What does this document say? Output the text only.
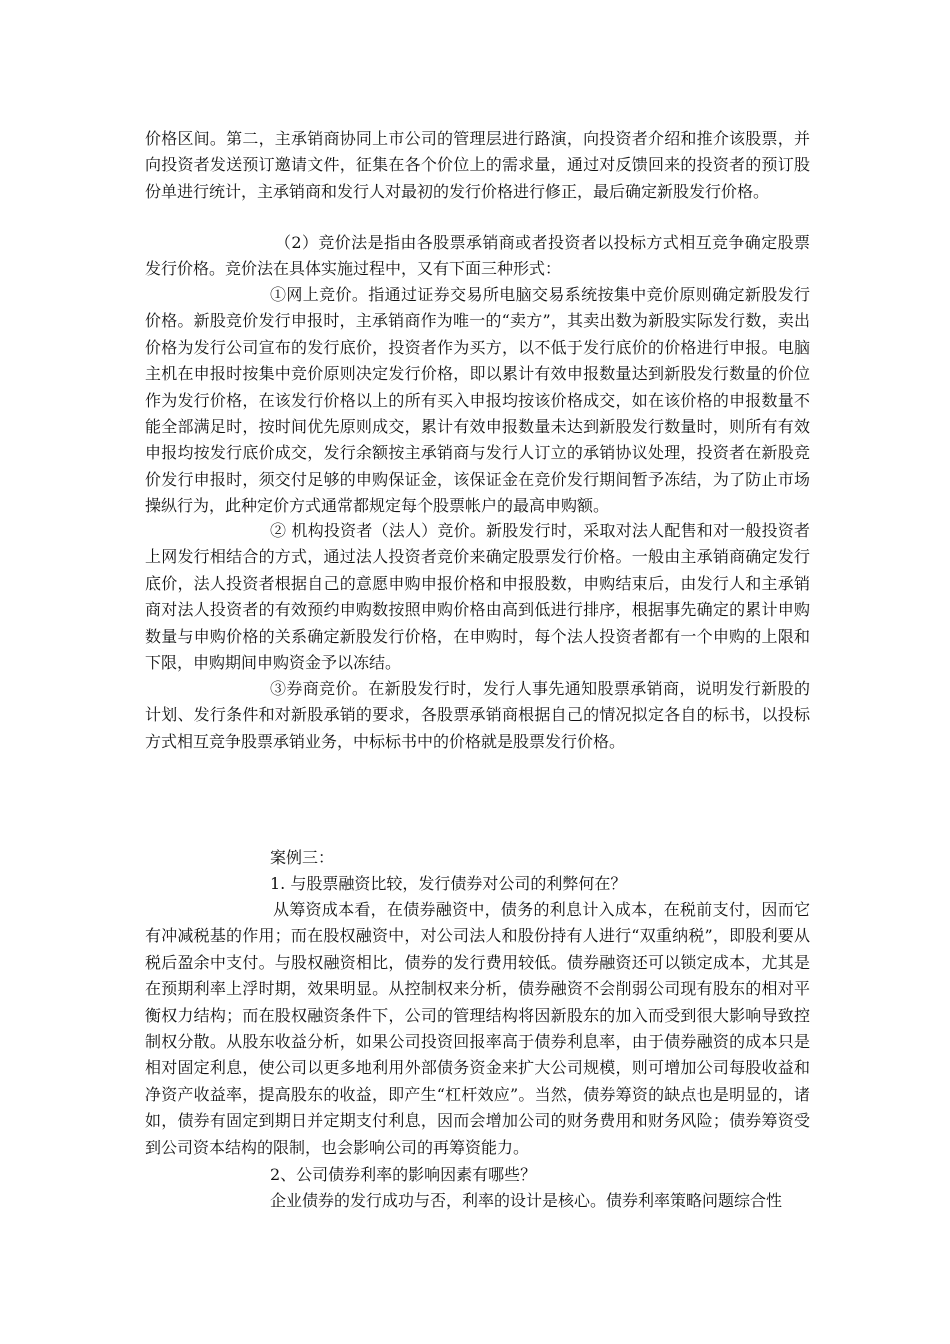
价格区间。第二，主承销商协同上市公司的管理层进行路演，向投资者介绍和推介该股票，并向投资者发送预订邀请文件，征集在各个价位上的需求量，通过对反馈回来的投资者的预订股份单进行统计，主承销商和发行人对最初的发行价格进行修正，最后确定新股发行价格。

（2）竞价法是指由各股票承销商或者投资者以投标方式相互竞争确定股票发行价格。竞价法在具体实施过程中，又有下面三种形式：

①网上竞价。指通过证券交易所电脑交易系统按集中竞价原则确定新股发行价格。新股竞价发行申报时，主承销商作为唯一的“卖方”，其卖出数为新股实际发行数，卖出价格为发行公司宣布的发行底价，投资者作为买方，以不低于发行底价的价格进行申报。电脑主机在申报时按集中竞价原则决定发行价格，即以累计有效申报数量达到新股发行数量的价位作为发行价格，在该发行价格以上的所有买入申报均按该价格成交，如在该价格的申报数量不能全部满足时，按时间优先原则成交，累计有效申报数量未达到新股发行数量时，则所有有效申报均按发行底价成交，发行余额按主承销商与发行人订立的承销协议处理，投资者在新股竞价发行申报时，须交付足够的申购保证金，该保证金在竞价发行期间暂予冻结，为了防止市场操纵行为，此种定价方式通常都规定每个股票帐户的最高申购额。

② 机构投资者（法人）竞价。新股发行时，采取对法人配售和对一般投资者上网发行相结合的方式，通过法人投资者竞价来确定股票发行价格。一般由主承销商确定发行底价，法人投资者根据自己的意愿申购申报价格和申报股数，申购结束后，由发行人和主承销商对法人投资者的有效预约申购数按照申购价格由高到低进行排序，根据事先确定的累计申购数量与申购价格的关系确定新股发行价格，在申购时，每个法人投资者都有一个申购的上限和下限，申购期间申购资金予以冻结。

③券商竞价。在新股发行时，发行人事先通知股票承销商，说明发行新股的计划、发行条件和对新股承销的要求，各股票承销商根据自己的情况拟定各自的标书，以投标方式相互竞争股票承销业务，中标标书中的价格就是股票发行价格。

案例三：

1. 与股票融资比较，发行债券对公司的利弊何在？

从筹资成本看，在债券融资中，债务的利息计入成本，在税前支付，因而它有冲减税基的作用；而在股权融资中，对公司法人和股份持有人进行“双重纳税”，即股利要从税后盈余中支付。与股权融资相比，债券的发行费用较低。债券融资还可以锁定成本，尤其是在预期利率上浮时期，效果明显。从控制权来分析，债券融资不会削弱公司现有股东的相对平衡权力结构；而在股权融资条件下，公司的管理结构将因新股东的加入而受到很大影响导致控制权分散。从股东收益分析，如果公司投资回报率高于债券利息率，由于债券融资的成本只是相对固定利息，使公司以更多地利用外部债务资金来扩大公司规模，则可增加公司每股收益和净资产收益率，提高股东的收益，即产生“杠杆效应”。当然，债券筹资的缺点也是明显的，诸如，债券有固定到期日并定期支付利息，因而会增加公司的财务费用和财务风险；债券筹资受到公司资本结构的限制，也会影响公司的再筹资能力。

2、公司债券利率的影响因素有哪些？

企业债券的发行成功与否，利率的设计是核心。债券利率策略问题综合性
